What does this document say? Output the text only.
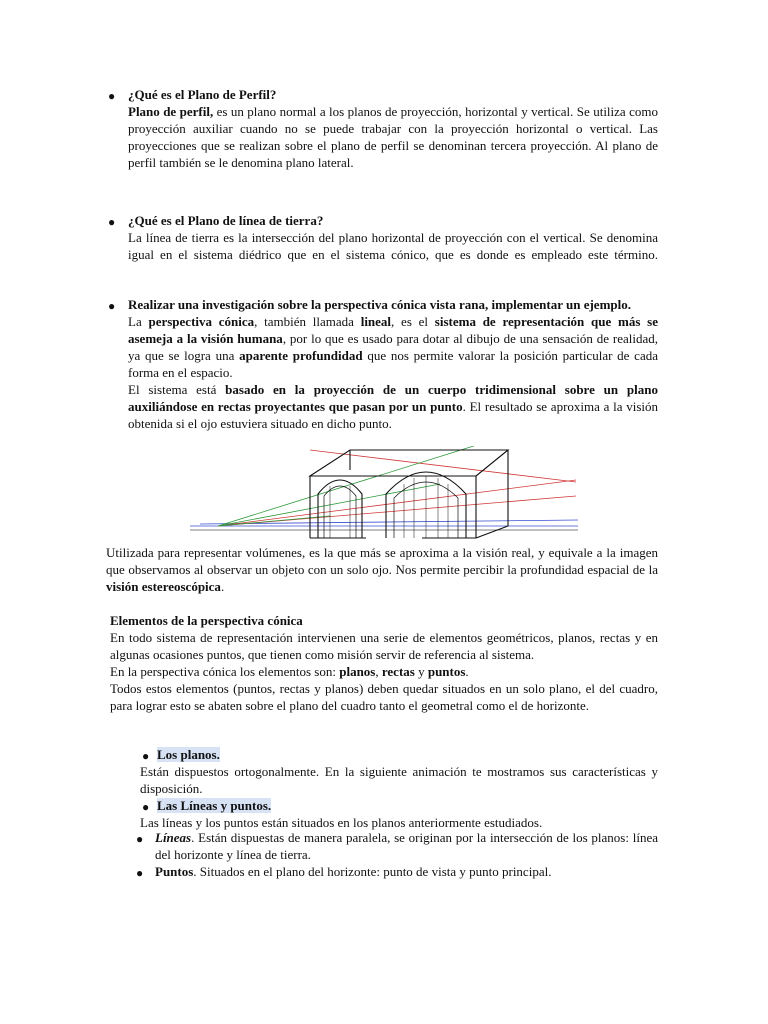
● ¿Qué es el Plano de Perfil?

Plano de perfil, es un plano normal a los planos de proyección, horizontal y vertical. Se utiliza como proyección auxiliar cuando no se puede trabajar con la proyección horizontal o vertical. Las proyecciones que se realizan sobre el plano de perfil se denominan tercera proyección. Al plano de perfil también se le denomina plano lateral.

● ¿Qué es el Plano de línea de tierra?

La línea de tierra es la intersección del plano horizontal de proyección con el vertical. Se denomina igual en el sistema diédrico que en el sistema cónico, que es donde es empleado este término.

● Realizar una investigación sobre la perspectiva cónica vista rana, implementar un ejemplo.

La perspectiva cónica, también llamada lineal, es el sistema de representación que más se asemeja a la visión humana, por lo que es usado para dotar al dibujo de una sensación de realidad, ya que se logra una aparente profundidad que nos permite valorar la posición particular de cada forma en el espacio.

El sistema está basado en la proyección de un cuerpo tridimensional sobre un plano auxiliándose en rectas proyectantes que pasan por un punto. El resultado se aproxima a la visión obtenida si el ojo estuviera situado en dicho punto.

Utilizada para representar volúmenes, es la que más se aproxima a la visión real, y equivale a la imagen que observamos al observar un objeto con un solo ojo. Nos permite percibir la profundidad espacial de la visión estereoscópica.

Elementos de la perspectiva cónica

En todo sistema de representación intervienen una serie de elementos geométricos, planos, rectas y en algunas ocasiones puntos, que tienen como misión servir de referencia al sistema.

En la perspectiva cónica los elementos son: planos, rectas y puntos.

Todos estos elementos (puntos, rectas y planos) deben quedar situados en un solo plano, el del cuadro, para lograr esto se abaten sobre el plano del cuadro tanto el geometral como el de horizonte.

● Los planos.

Están dispuestos ortogonalmente. En la siguiente animación te mostramos sus características y disposición.

● Las Líneas y puntos.

Las líneas y los puntos están situados en los planos anteriormente estudiados.

● Líneas. Están dispuestas de manera paralela, se originan por la intersección de los planos: línea del horizonte y línea de tierra.

● Puntos. Situados en el plano del horizonte: punto de vista y punto principal.
